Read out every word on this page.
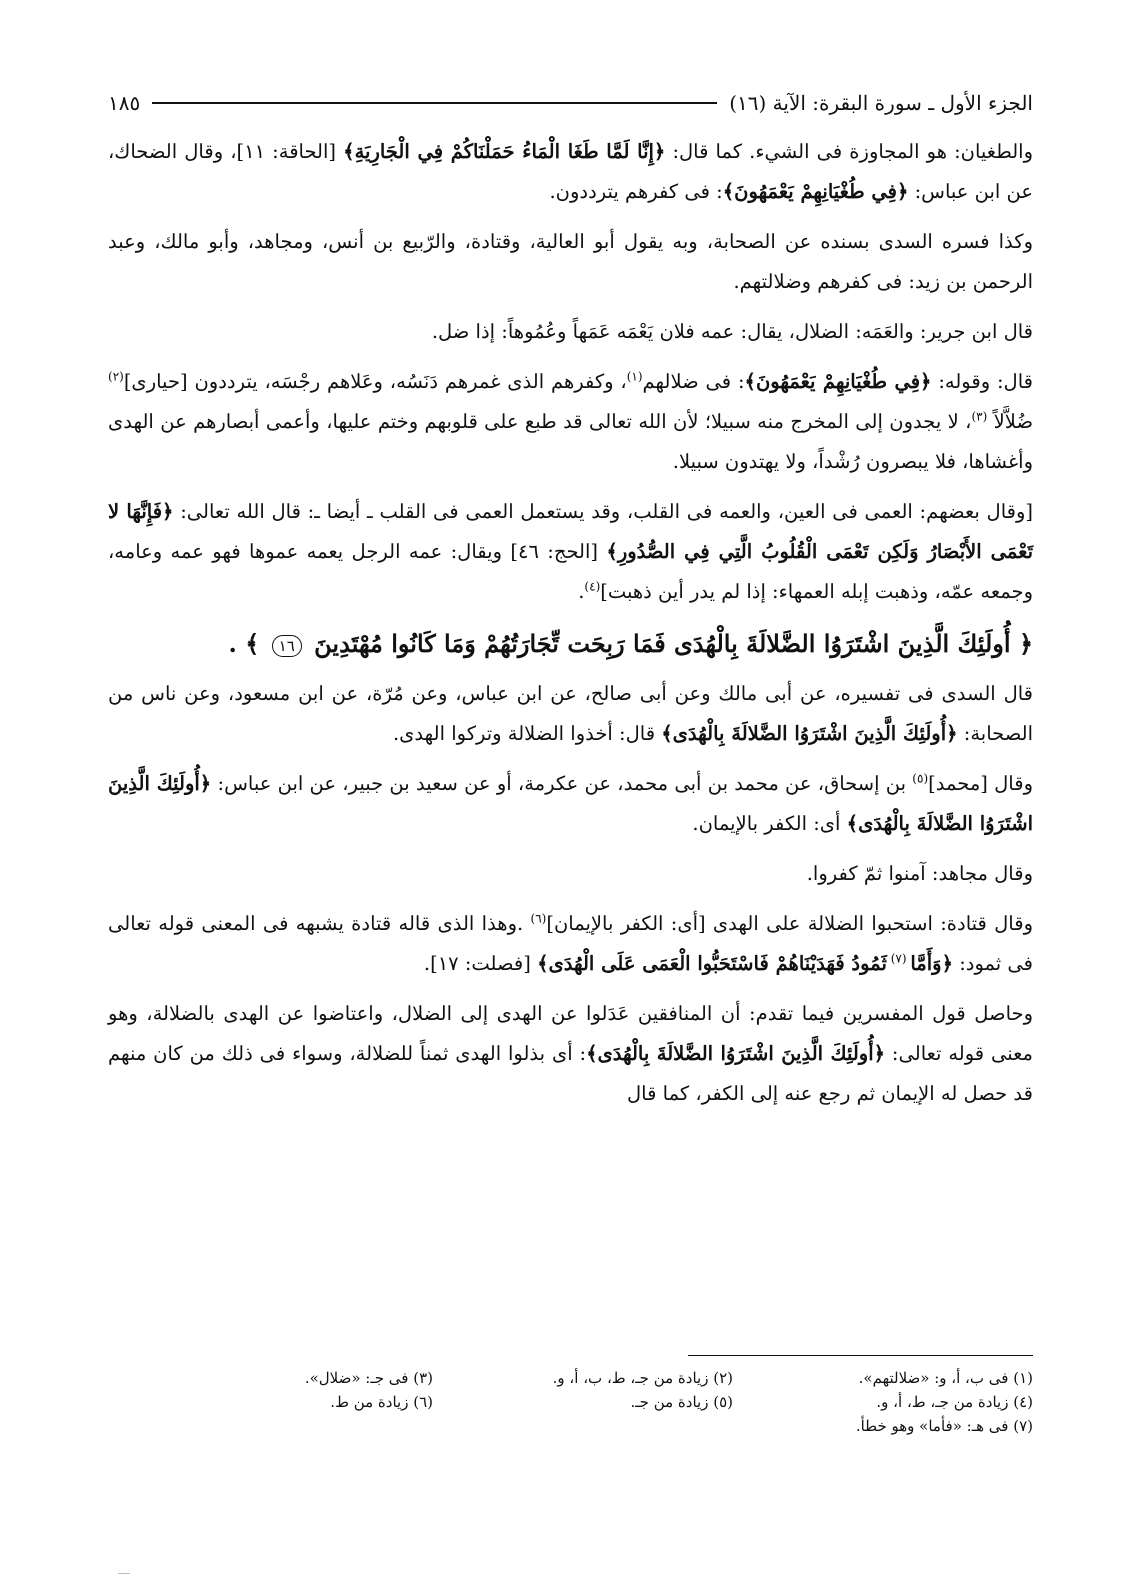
الجزء الأول ـ سورة البقرة: الآية (١٦)
١٨٥

والطغيان: هو المجاوزة فى الشيء. كما قال: ﴿إِنَّا لَمَّا طَغَا الْمَاءُ حَمَلْنَاكُمْ فِي الْجَارِيَةِ﴾ [الحاقة: ١١]، وقال الضحاك، عن ابن عباس: ﴿فِي طُغْيَانِهِمْ يَعْمَهُونَ﴾: فى كفرهم يترددون.

وكذا فسره السدى بسنده عن الصحابة، وبه يقول أبو العالية، وقتادة، والرّبيع بن أنس، ومجاهد، وأبو مالك، وعبد الرحمن بن زيد: فى كفرهم وضلالتهم.

قال ابن جرير: والعَمَه: الضلال، يقال: عمه فلان يَعْمَه عَمَهاً وعُمُوهاً: إذا ضل.

قال: وقوله: ﴿فِي طُغْيَانِهِمْ يَعْمَهُونَ﴾: فى ضلالهم$^{(١)}$، وكفرهم الذى غمرهم دَنَسُه، وعَلاهم رجْسَه، يترددون [حيارى]$^{(٢)}$ ضُلاَّلاً $^{(٣)}$، لا يجدون إلى المخرج منه سبيلا؛ لأن الله تعالى قد طبع على قلوبهم وختم عليها، وأعمى أبصارهم عن الهدى وأغشاها، فلا يبصرون رُشْداً، ولا يهتدون سبيلا.

[وقال بعضهم: العمى فى العين، والعمه فى القلب، وقد يستعمل العمى فى القلب ـ أيضا ـ: قال الله تعالى: ﴿فَإِنَّهَا لا تَعْمَى الأَبْصَارُ وَلَكِن تَعْمَى الْقُلُوبُ الَّتِي فِي الصُّدُورِ﴾ [الحج: ٤٦] ويقال: عمه الرجل يعمه عموها فهو عمه وعامه، وجمعه عمّه، وذهبت إبله العمهاء: إذا لم يدر أين ذهبت]$^{(٤)}$.

﴿ أُولَئِكَ الَّذِينَ اشْتَرَوُا الضَّلالَةَ بِالْهُدَى فَمَا رَبِحَت تِّجَارَتُهُمْ وَمَا كَانُوا مُهْتَدِينَ ١٦ ﴾ .

قال السدى فى تفسيره، عن أبى مالك وعن أبى صالح، عن ابن عباس، وعن مُرّة، عن ابن مسعود، وعن ناس من الصحابة: ﴿أُولَئِكَ الَّذِينَ اشْتَرَوُا الضَّلالَةَ بِالْهُدَى﴾ قال: أخذوا الضلالة وتركوا الهدى.

وقال [محمد]$^{(٥)}$ بن إسحاق، عن محمد بن أبى محمد، عن عكرمة، أو عن سعيد بن جبير، عن ابن عباس: ﴿أُولَئِكَ الَّذِينَ اشْتَرَوُا الضَّلالَةَ بِالْهُدَى﴾ أى: الكفر بالإيمان.

وقال مجاهد: آمنوا ثمّ كفروا.

وقال قتادة: استحبوا الضلالة على الهدى [أى: الكفر بالإيمان]$^{(٦)}$ .وهذا الذى قاله قتادة يشبهه فى المعنى قوله تعالى فى ثمود: ﴿وَأَمَّا $^{(٧)}$ ثَمُودُ فَهَدَيْنَاهُمْ فَاسْتَحَبُّوا الْعَمَى عَلَى الْهُدَى﴾ [فصلت: ١٧].

وحاصل قول المفسرين فيما تقدم: أن المنافقين عَدَلوا عن الهدى إلى الضلال، واعتاضوا عن الهدى بالضلالة، وهو معنى قوله تعالى: ﴿أُولَئِكَ الَّذِينَ اشْتَرَوُا الضَّلالَةَ بِالْهُدَى﴾: أى بذلوا الهدى ثمناً للضلالة، وسواء فى ذلك من كان منهم قد حصل له الإيمان ثم رجع عنه إلى الكفر، كما قال

(١) فى ب، أ، و: «ضلالتهم».
(٢) زيادة من جـ، ط، ب، أ، و.
(٣) فى جـ: «ضلال».
(٤) زيادة من جـ، ط، أ، و.
(٥) زيادة من جـ.
(٦) زيادة من ط.
(٧) فى هـ: «فأما» وهو خطأ.
